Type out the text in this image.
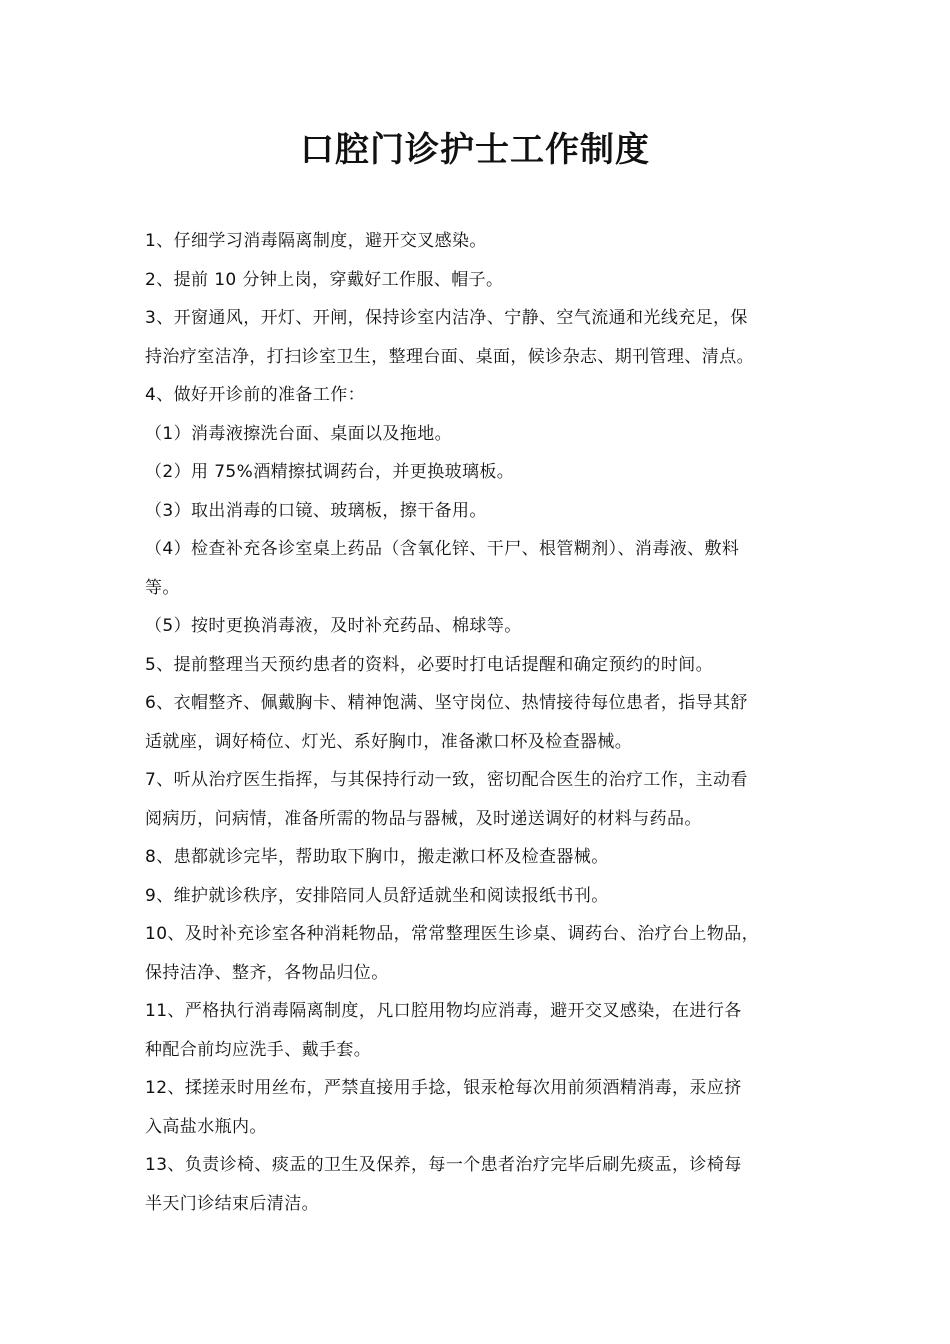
口腔门诊护士工作制度
1、仔细学习消毒隔离制度，避开交叉感染。
2、提前 10 分钟上岗，穿戴好工作服、帽子。
3、开窗通风，开灯、开闸，保持诊室内洁净、宁静、空气流通和光线充足，保
持治疗室洁净，打扫诊室卫生，整理台面、桌面，候诊杂志、期刊管理、清点。
4、做好开诊前的准备工作：
（1）消毒液擦洗台面、桌面以及拖地。
（2）用 75%酒精擦拭调药台，并更换玻璃板。
（3）取出消毒的口镜、玻璃板，擦干备用。
（4）检查补充各诊室桌上药品（含氧化锌、干尸、根管糊剂）、消毒液、敷料
等。
（5）按时更换消毒液，及时补充药品、棉球等。
5、提前整理当天预约患者的资料，必要时打电话提醒和确定预约的时间。
6、衣帽整齐、佩戴胸卡、精神饱满、坚守岗位、热情接待每位患者，指导其舒
适就座，调好椅位、灯光、系好胸巾，准备漱口杯及检查器械。
7、听从治疗医生指挥，与其保持行动一致，密切配合医生的治疗工作，主动看
阅病历，问病情，准备所需的物品与器械，及时递送调好的材料与药品。
8、患都就诊完毕，帮助取下胸巾，搬走漱口杯及检查器械。
9、维护就诊秩序，安排陪同人员舒适就坐和阅读报纸书刊。
10、及时补充诊室各种消耗物品，常常整理医生诊桌、调药台、治疗台上物品，
保持洁净、整齐，各物品归位。
11、严格执行消毒隔离制度，凡口腔用物均应消毒，避开交叉感染，在进行各
种配合前均应洗手、戴手套。
12、揉搓汞时用丝布，严禁直接用手捻，银汞枪每次用前须酒精消毒，汞应挤
入高盐水瓶内。
13、负责诊椅、痰盂的卫生及保养，每一个患者治疗完毕后刷先痰盂，诊椅每
半天门诊结束后清洁。
